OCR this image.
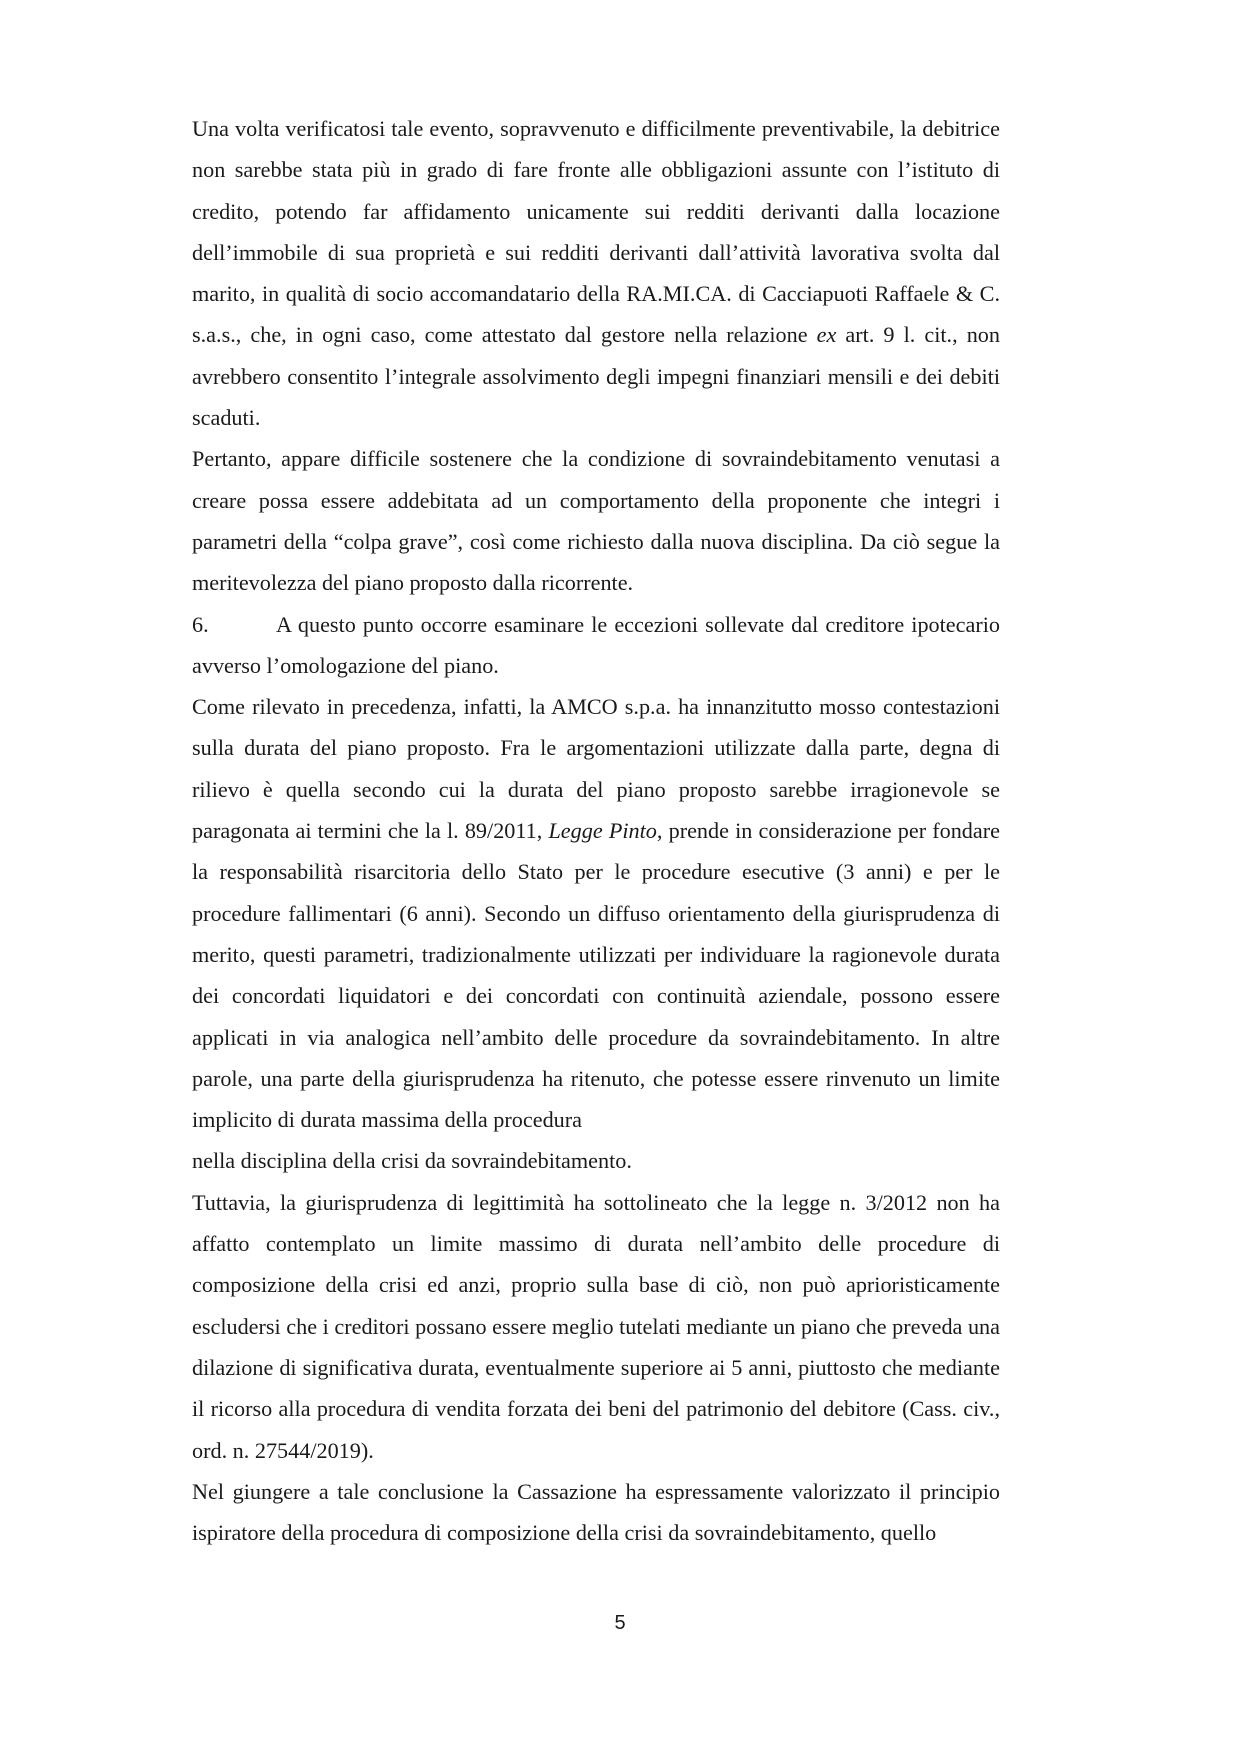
Una volta verificatosi tale evento, sopravvenuto e difficilmente preventivabile, la debitrice non sarebbe stata più in grado di fare fronte alle obbligazioni assunte con l’istituto di credito, potendo far affidamento unicamente sui redditi derivanti dalla locazione dell’immobile di sua proprietà e sui redditi derivanti dall’attività lavorativa svolta dal marito, in qualità di socio accomandatario della RA.MI.CA. di Cacciapuoti Raffaele & C. s.a.s., che, in ogni caso, come attestato dal gestore nella relazione ex art. 9 l. cit., non avrebbero consentito l’integrale assolvimento degli impegni finanziari mensili e dei debiti scaduti.

Pertanto, appare difficile sostenere che la condizione di sovraindebitamento venutasi a creare possa essere addebitata ad un comportamento della proponente che integri i parametri della “colpa grave”, così come richiesto dalla nuova disciplina. Da ciò segue la meritevolezza del piano proposto dalla ricorrente.

6.	A questo punto occorre esaminare le eccezioni sollevate dal creditore ipotecario avverso l’omologazione del piano.

Come rilevato in precedenza, infatti, la AMCO s.p.a. ha innanzitutto mosso contestazioni sulla durata del piano proposto. Fra le argomentazioni utilizzate dalla parte, degna di rilievo è quella secondo cui la durata del piano proposto sarebbe irragionevole se paragonata ai termini che la l. 89/2011, Legge Pinto, prende in considerazione per fondare la responsabilità risarcitoria dello Stato per le procedure esecutive (3 anni) e per le procedure fallimentari (6 anni). Secondo un diffuso orientamento della giurisprudenza di merito, questi parametri, tradizionalmente utilizzati per individuare la ragionevole durata dei concordati liquidatori e dei concordati con continuità aziendale, possono essere applicati in via analogica nell’ambito delle procedure da sovraindebitamento. In altre parole, una parte della giurisprudenza ha ritenuto, che potesse essere rinvenuto un limite implicito di durata massima della procedura

nella disciplina della crisi da sovraindebitamento.

Tuttavia, la giurisprudenza di legittimità ha sottolineato che la legge n. 3/2012 non ha affatto contemplato un limite massimo di durata nell’ambito delle procedure di composizione della crisi ed anzi, proprio sulla base di ciò, non può aprioristicamente escludersi che i creditori possano essere meglio tutelati mediante un piano che preveda una dilazione di significativa durata, eventualmente superiore ai 5 anni, piuttosto che mediante il ricorso alla procedura di vendita forzata dei beni del patrimonio del debitore (Cass. civ., ord. n. 27544/2019).

Nel giungere a tale conclusione la Cassazione ha espressamente valorizzato il principio ispiratore della procedura di composizione della crisi da sovraindebitamento, quello

5
